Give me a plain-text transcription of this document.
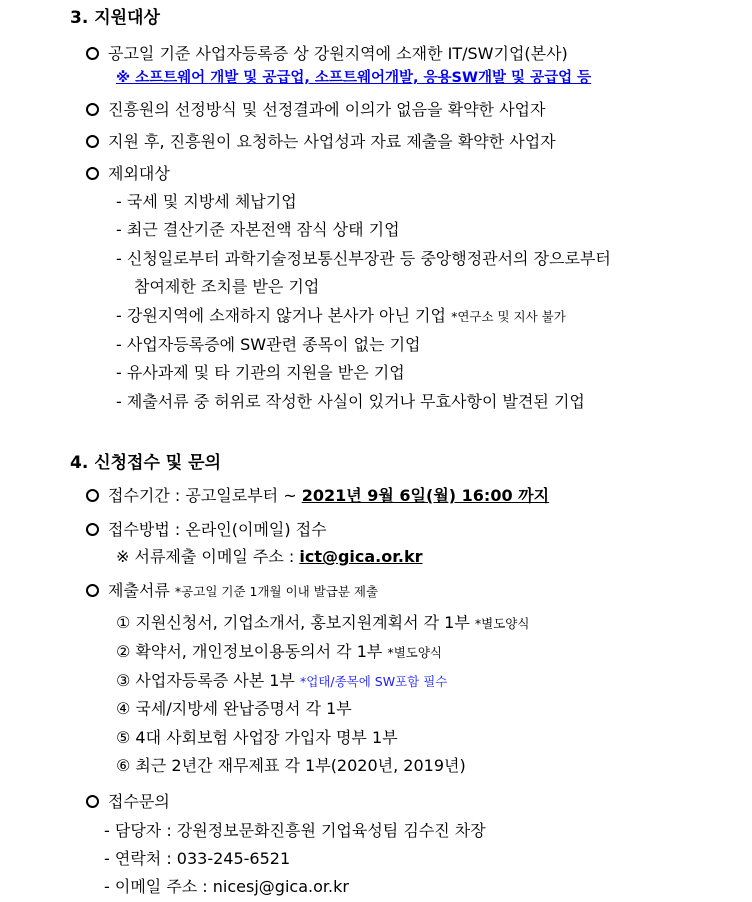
3. 지원대상
공고일 기준 사업자등록증 상 강원지역에 소재한 IT/SW기업(본사)
※ 소프트웨어 개발 및 공급업, 소프트웨어개발, 응용SW개발 및 공급업 등
진흥원의 선정방식 및 선정결과에 이의가 없음을 확약한 사업자
지원 후, 진흥원이 요청하는 사업성과 자료 제출을 확약한 사업자
제외대상
- 국세 및 지방세 체납기업
- 최근 결산기준 자본전액 잠식 상태 기업
- 신청일로부터 과학기술정보통신부장관 등 중앙행정관서의 장으로부터
참여제한 조치를 받은 기업
- 강원지역에 소재하지 않거나 본사가 아닌 기업 *연구소 및 지사 불가
- 사업자등록증에 SW관련 종목이 없는 기업
- 유사과제 및 타 기관의 지원을 받은 기업
- 제출서류 중 허위로 작성한 사실이 있거나 무효사항이 발견된 기업
4. 신청접수 및 문의
접수기간 : 공고일로부터 ~ 2021년 9월 6일(월) 16:00 까지
접수방법 : 온라인(이메일) 접수
※ 서류제출 이메일 주소 : ict@gica.or.kr
제출서류 *공고일 기준 1개월 이내 발급분 제출
① 지원신청서, 기업소개서, 홍보지원계획서 각 1부 *별도양식
② 확약서, 개인정보이용동의서 각 1부 *별도양식
③ 사업자등록증 사본 1부 *업태/종목에 SW포함 필수
④ 국세/지방세 완납증명서 각 1부
⑤ 4대 사회보험 사업장 가입자 명부 1부
⑥ 최근 2년간 재무제표 각 1부(2020년, 2019년)
접수문의
- 담당자 : 강원정보문화진흥원 기업육성팀 김수진 차장
- 연락처 : 033-245-6521
- 이메일 주소 : nicesj@gica.or.kr
